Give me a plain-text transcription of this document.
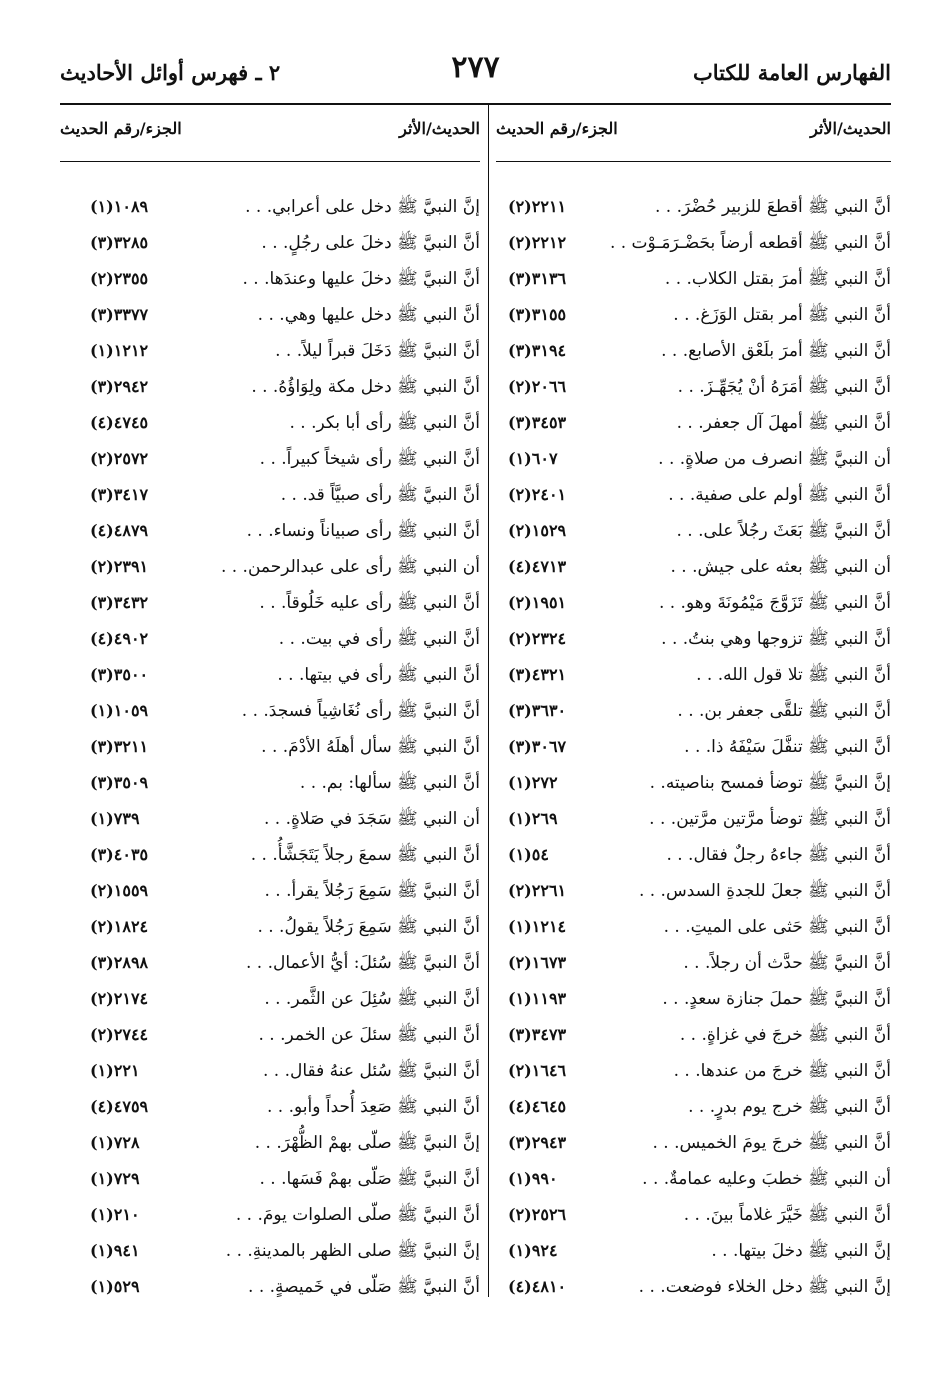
الفهارس العامة للكتاب
٢٧٧
٢ ـ فهرس أوائل الأحاديث
الحديث/الأثر
الجزء/رقم الحديث
أنَّ النبي ﷺ أقطعَ للزبير حُضْرَ. . .
(٢)٢٢١١
أنَّ النبي ﷺ أقطعه أرضاً بحَضْـرَمَـوْت . .
(٢)٢٢١٢
أنَّ النبي ﷺ أمرَ بقتل الكلاب. . .
(٣)٣١٣٦
أنَّ النبي ﷺ أمر بقتل الوَزَغ. . .
(٣)٣١٥٥
أنَّ النبي ﷺ أمرَ بلَعْق الأصابع. . .
(٣)٣١٩٤
أنَّ النبي ﷺ أمَرَهُ أنْ يُجَهِّـزَ. . .
(٢)٢٠٦٦
أنَّ النبي ﷺ أمهلَ آل جعفر. . .
(٣)٣٤٥٣
أن النبيَّ ﷺ انصرف من صلاةٍ. . .
(١)٦٠٧
أنَّ النبي ﷺ أولم على صفية. . .
(٢)٢٤٠١
أنَّ النبيَّ ﷺ بَعَثَ رجُلاً على. . .
(٢)١٥٢٩
أن النبي ﷺ بعثه على جيش. . .
(٤)٤٧١٣
أنَّ النبي ﷺ تَزَوَّجَ مَيْمُونَةَ وهو. . .
(٢)١٩٥١
أنَّ النبي ﷺ تزوجها وهي بنتُ. . .
(٢)٢٣٢٤
أنَّ النبي ﷺ تلا قول الله. . .
(٣)٤٣٢١
أنَّ النبي ﷺ تلقَّى جعفر بن. . .
(٣)٣٦٣٠
أنَّ النبي ﷺ تنفَّلَ سَيْفَهُ ذا. . .
(٣)٣٠٦٧
إنَّ النبيَّ ﷺ توضأ فمسح بناصيته. .
(١)٢٧٢
أنَّ النبي ﷺ توضأ مرَّتين مرَّتين. . .
(١)٢٦٩
أنَّ النبي ﷺ جاءهُ رجلٌ فقال. . .
(١)٥٤
أنَّ النبي ﷺ جعلَ للجدةِ السدس. . .
(٢)٢٢٦١
أنَّ النبي ﷺ حَثى على الميتِ. . .
(١)١٢١٤
أنَّ النبيَّ ﷺ حدَّث أن رجلاً. . .
(٢)١٦٧٣
أنَّ النبيَّ ﷺ حملَ جنازة سعدٍ. . .
(١)١١٩٣
أنَّ النبي ﷺ خرجَ في غزاةٍ. . .
(٣)٣٤٧٣
أنَّ النبي ﷺ خرجَ من عندها. . .
(٢)١٦٤٦
أنَّ النبي ﷺ خرج يوم بدرٍ. . .
(٤)٤٦٤٥
أنَّ النبي ﷺ خرجَ يومَ الخميس. . .
(٣)٢٩٤٣
أن النبي ﷺ خطبَ وعليه عمامةٌ. . .
(١)٩٩٠
أنَّ النبي ﷺ خَيَّرَ غلاماً بينَ. . .
(٢)٢٥٢٦
إنَّ النبي ﷺ دخلَ بيتها. . .
(١)٩٢٤
إنَّ النبي ﷺ دخل الخلاء فوضعت. . .
(٤)٤٨١٠
الحديث/الأثر
الجزء/رقم الحديث
إنَّ النبيَّ ﷺ دخل على أعرابي. . .
(١)١٠٨٩
أنَّ النبيَّ ﷺ دخلَ على رجُلٍ. . .
(٣)٣٢٨٥
أنَّ النبيَّ ﷺ دخلَ عليها وعندَها. . .
(٢)٢٣٥٥
أنَّ النبي ﷺ دخل عليها وهي. . .
(٣)٣٣٧٧
أنَّ النبيَّ ﷺ دَخَلَ قبراً ليلاً. . .
(١)١٢١٢
أنَّ النبي ﷺ دخل مكة ولِوَاؤُهُ. . .
(٣)٢٩٤٢
أنَّ النبي ﷺ رأى أبا بكر. . .
(٤)٤٧٤٥
أنَّ النبي ﷺ رأى شيخاً كبيراً. . .
(٢)٢٥٧٢
أنَّ النبيَّ ﷺ رأى صبيَّاً قد. . .
(٣)٣٤١٧
أنَّ النبي ﷺ رأى صبياناً ونساء. . .
(٤)٤٨٧٩
أن النبي ﷺ رأى على عبدالرحمن. . .
(٢)٢٣٩١
أنَّ النبي ﷺ رأى عليه خَلُوقاً. . .
(٣)٣٤٣٢
أنَّ النبي ﷺ رأى في بيت. . .
(٤)٤٩٠٢
أنَّ النبي ﷺ رأى في بيتها. . .
(٣)٣٥٠٠
أنَّ النبيَّ ﷺ رأى نُغَاشِياً فسجدَ. . .
(١)١٠٥٩
أنَّ النبي ﷺ سأل أهلَهُ الأدْمَ. . .
(٣)٣٢١١
أنَّ النبي ﷺ سألها: بم. . .
(٣)٣٥٠٩
أن النبي ﷺ سَجَدَ في صَلاةٍ. . .
(١)٧٣٩
أنَّ النبي ﷺ سمعَ رجلاً يَتَجَشَّأُ. . .
(٣)٤٠٣٥
أنَّ النبيَّ ﷺ سَمِعَ رَجُلاً يقرأ. . .
(٢)١٥٥٩
أنَّ النبي ﷺ سَمِعَ رَجُلاً يقولُ. . .
(٢)١٨٢٤
أنَّ النبيَّ ﷺ سُئلَ: أيُّ الأعمال. . .
(٣)٢٨٩٨
أنَّ النبي ﷺ سُئِلَ عن الثَّمر. . .
(٢)٢١٧٤
أنَّ النبي ﷺ سئلَ عن الخمر. . .
(٢)٢٧٤٤
أنَّ النبيَّ ﷺ سُئل عنهُ فقال. . .
(١)٢٢١
أنَّ النبي ﷺ صَعِدَ أُحداً وأبو. . .
(٤)٤٧٥٩
إنَّ النبيَّ ﷺ صلّى بهمْ الظُّهْرَ. . .
(١)٧٢٨
أنَّ النبيَّ ﷺ صَلّى بهمْ فَسَها. . .
(١)٧٢٩
أنَّ النبيَّ ﷺ صلّى الصلوات يومَ. . .
(١)٢١٠
إنَّ النبيَّ ﷺ صلى الظهر بالمدينةِ. . .
(١)٩٤١
أنَّ النبيَّ ﷺ صَلّى في خَميصةٍ. . .
(١)٥٢٩
